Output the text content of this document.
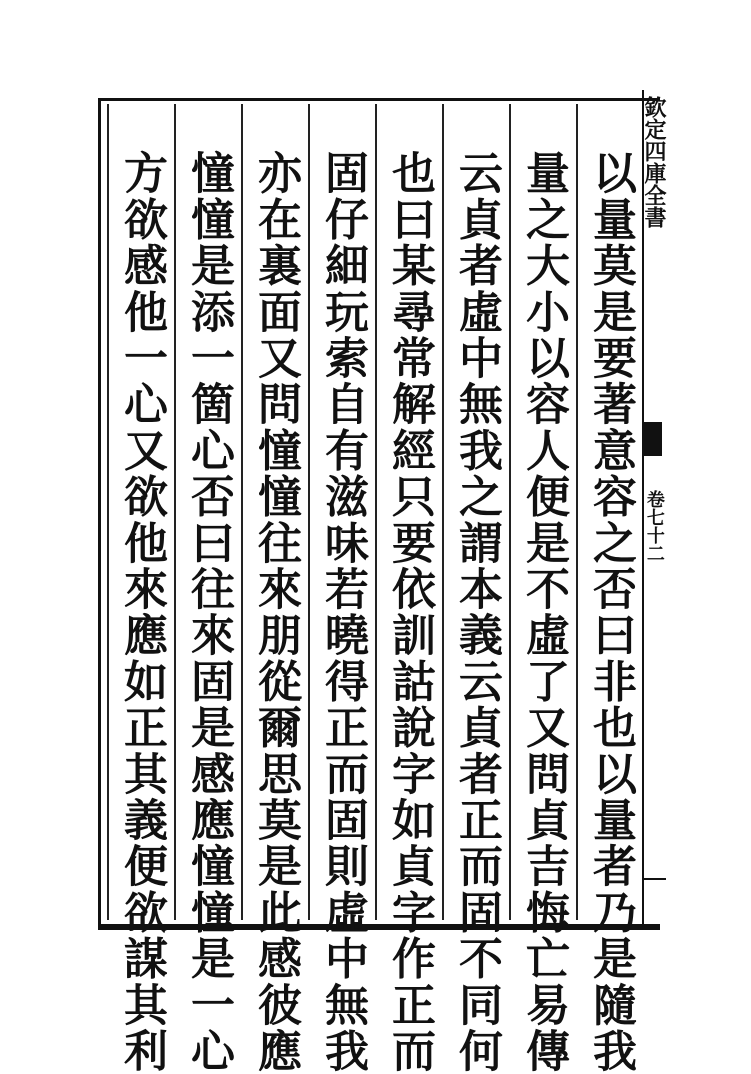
以量莫是要著意容之否曰非也以量者乃是隨我
量之大小以容人便是不虛了又問貞吉悔亡易傳
云貞者虛中無我之謂本義云貞者正而固不同何
也曰某尋常解經只要依訓詁說字如貞字作正而
固仔細玩索自有滋味若曉得正而固則虛中無我
亦在裏面又問憧憧往來朋從爾思莫是此感彼應
憧憧是添一箇心否曰往來固是感應憧憧是一心
方欲感他一心又欲他來應如正其義便欲謀其利	欽定四庫全書
卷七十二
